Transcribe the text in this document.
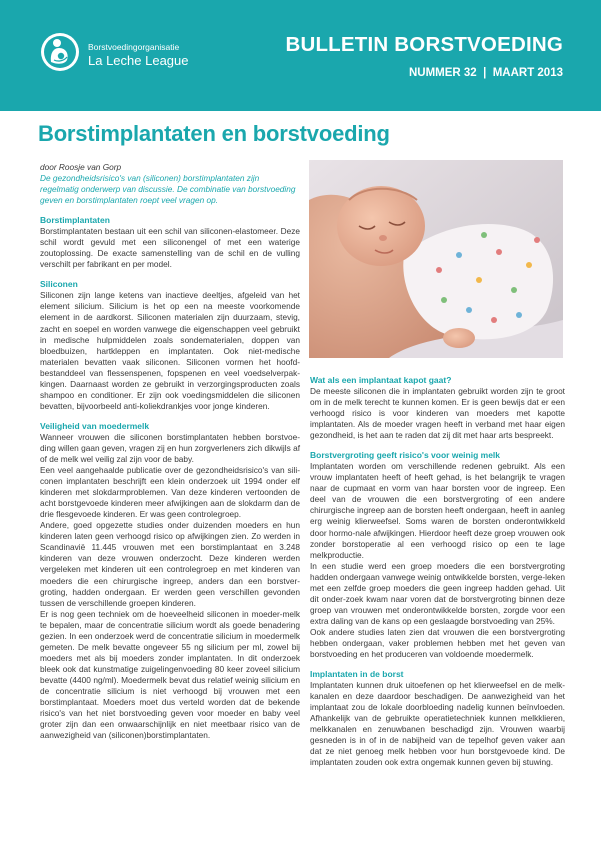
Borstvoedingorganisatie
La Leche League
BULLETIN BORSTVOEDING
NUMMER 32  |  MAART 2013
Borstimplantaten en borstvoeding

door Roosje van Gorp

De gezondheidsrisico's van (siliconen) borstimplantaten zijn regelmatig onderwerp van discussie. De combinatie van borstvoeding geven en borstimplantaten roept veel vragen op.

Borstimplantaten

Borstimplantaten bestaan uit een schil van siliconen-elastomeer. Deze schil wordt gevuld met een siliconengel of met een waterige zoutoplossing. De exacte samenstelling van de schil en de vulling verschilt per fabrikant en per model.

Siliconen

Siliconen zijn lange ketens van inactieve deeltjes, afgeleid van het element silicium. Silicium is het op een na meeste voorkomende element in de aardkorst. Siliconen materialen zijn duurzaam, stevig, zacht en soepel en worden vanwege die eigenschappen veel gebruikt in medische hulpmiddelen zoals sondematerialen, doppen van bloedbuizen, hartkleppen en implantaten. Ook niet-medische materialen bevatten vaak siliconen. Siliconen vormen het hoofd-bestanddeel van flessenspenen, fopspenen en veel voedselverpak-kingen. Daarnaast worden ze gebruikt in verzorgingsproducten zoals shampoo en conditioner. Er zijn ook voedingsmiddelen die siliconen bevatten, bijvoorbeeld anti-koliekdrankjes voor jonge kinderen.

Veiligheid van moedermelk

Wanneer vrouwen die siliconen borstimplantaten hebben borstvoe-ding willen gaan geven, vragen zij en hun zorgverleners zich dikwijls af of de melk wel veilig zal zijn voor de baby.

Een veel aangehaalde publicatie over de gezondheidsrisico's van sili-conen implantaten beschrijft een klein onderzoek uit 1994 onder elf kinderen met slokdarmproblemen. Van deze kinderen vertoonden de acht borstgevoede kinderen meer afwijkingen aan de slokdarm dan de drie flesgevoede kinderen. Er was geen controlegroep.

Andere, goed opgezette studies onder duizenden moeders en hun kinderen laten geen verhoogd risico op afwijkingen zien. Zo werden in Scandinavië 11.445 vrouwen met een borstimplantaat en 3.248 kinderen van deze vrouwen onderzocht. Deze kinderen werden vergeleken met kinderen uit een controlegroep en met kinderen van moeders die een chirurgische ingreep, anders dan een borstver-groting, hadden ondergaan. Er werden geen verschillen gevonden tussen de verschillende groepen kinderen.

Er is nog geen techniek om de hoeveelheid siliconen in moeder-melk te bepalen, maar de concentratie silicium wordt als goede benadering gezien. In een onderzoek werd de concentratie silicium in moedermelk gemeten. De melk bevatte ongeveer 55 ng silicium per ml, zowel bij moeders met als bij moeders zonder implantaten. In dit onderzoek bleek ook dat kunstmatige zuigelingenvoeding 80 keer zoveel silicium bevatte (4400 ng/ml). Moedermelk bevat dus relatief weinig silicium en de concentratie silicium is niet verhoogd bij vrouwen met een borstimplantaat. Moeders moet dus verteld worden dat de bekende risico's van het niet borstvoeding geven voor moeder en baby veel groter zijn dan een onwaarschijnlijk en niet meetbaar risico van de aanwezigheid van (siliconen)borstimplantaten.

Wat als een implantaat kapot gaat?

De meeste siliconen die in implantaten gebruikt worden zijn te groot om in de melk terecht te kunnen komen. Er is geen bewijs dat er een verhoogd risico is voor kinderen van moeders met kapotte implantaten. Als de moeder vragen heeft in verband met haar eigen gezondheid, is het aan te raden dat zij dit met haar arts bespreekt.

Borstvergroting geeft risico's voor weinig melk

Implantaten worden om verschillende redenen gebruikt. Als een vrouw implantaten heeft of heeft gehad, is het belangrijk te vragen naar de cupmaat en vorm van haar borsten voor de ingreep. Een deel van de vrouwen die een borstvergroting of een andere chirurgische ingreep aan de borsten heeft ondergaan, heeft in aanleg erg weinig klierweefsel. Soms waren de borsten onderontwikkeld door hormo-nale afwijkingen. Hierdoor heeft deze groep vrouwen ook zonder borstoperatie al een verhoogd risico op een te lage melkproductie.

In een studie werd een groep moeders die een borstvergroting hadden ondergaan vanwege weinig ontwikkelde borsten, verge-leken met een zelfde groep moeders die geen ingreep hadden gehad. Uit dit onder-zoek kwam naar voren dat de borstvergroting binnen deze groep van vrouwen met onderontwikkelde borsten, zorgde voor een extra daling van de kans op een geslaagde borstvoeding van 25%.

Ook andere studies laten zien dat vrouwen die een borstvergroting hebben ondergaan, vaker problemen hebben met het geven van borstvoeding en het produceren van voldoende moedermelk.

Implantaten in de borst

Implantaten kunnen druk uitoefenen op het klierweefsel en de melk-kanalen en deze daardoor beschadigen. De aanwezigheid van het implantaat zou de lokale doorbloeding nadelig kunnen beïnvloeden. Afhankelijk van de gebruikte operatietechniek kunnen melkklieren, melkkanalen en zenuwbanen beschadigd zijn. Vrouwen waarbij gesneden is in of in de nabijheid van de tepelhof geven vaker aan dat ze niet genoeg melk hebben voor hun borstgevoede kind. De implantaten zouden ook extra ongemak kunnen geven bij stuwing.
